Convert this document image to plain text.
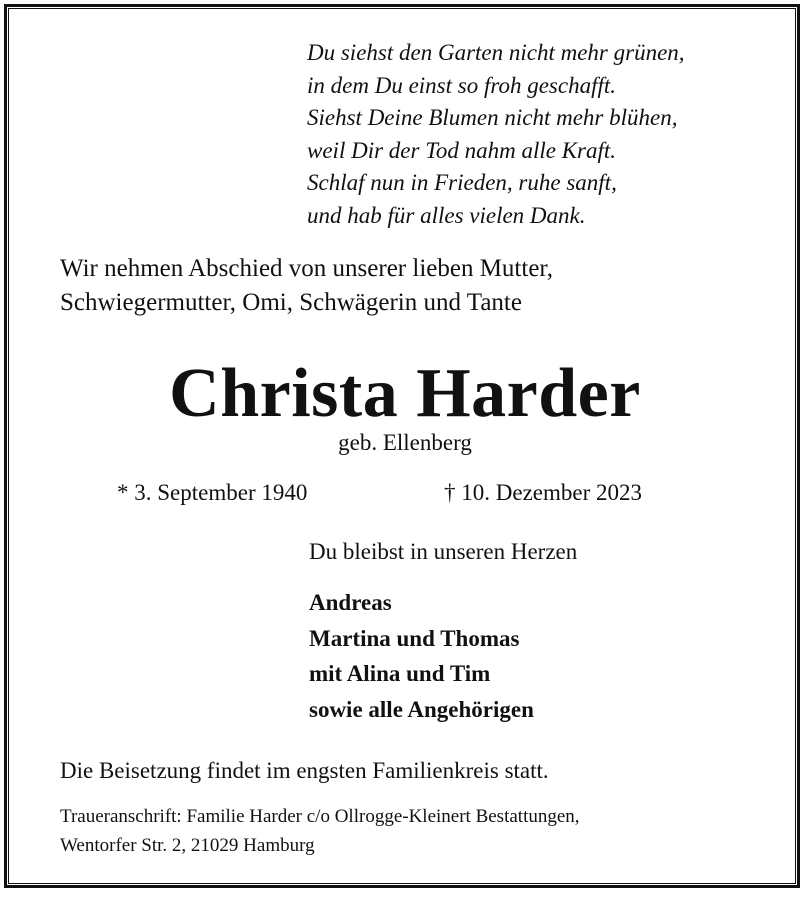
Du siehst den Garten nicht mehr grünen,
in dem Du einst so froh geschafft.
Siehst Deine Blumen nicht mehr blühen,
weil Dir der Tod nahm alle Kraft.
Schlaf nun in Frieden, ruhe sanft,
und hab für alles vielen Dank.
Wir nehmen Abschied von unserer lieben Mutter,
Schwiegermutter, Omi, Schwägerin und Tante
Christa Harder
geb. Ellenberg
* 3. September 1940	† 10. Dezember 2023
Du bleibst in unseren Herzen
Andreas
Martina und Thomas
mit Alina und Tim
sowie alle Angehörigen
Die Beisetzung findet im engsten Familienkreis statt.
Traueranschrift: Familie Harder c/o Ollrogge-Kleinert Bestattungen,
Wentorfer Str. 2, 21029 Hamburg
